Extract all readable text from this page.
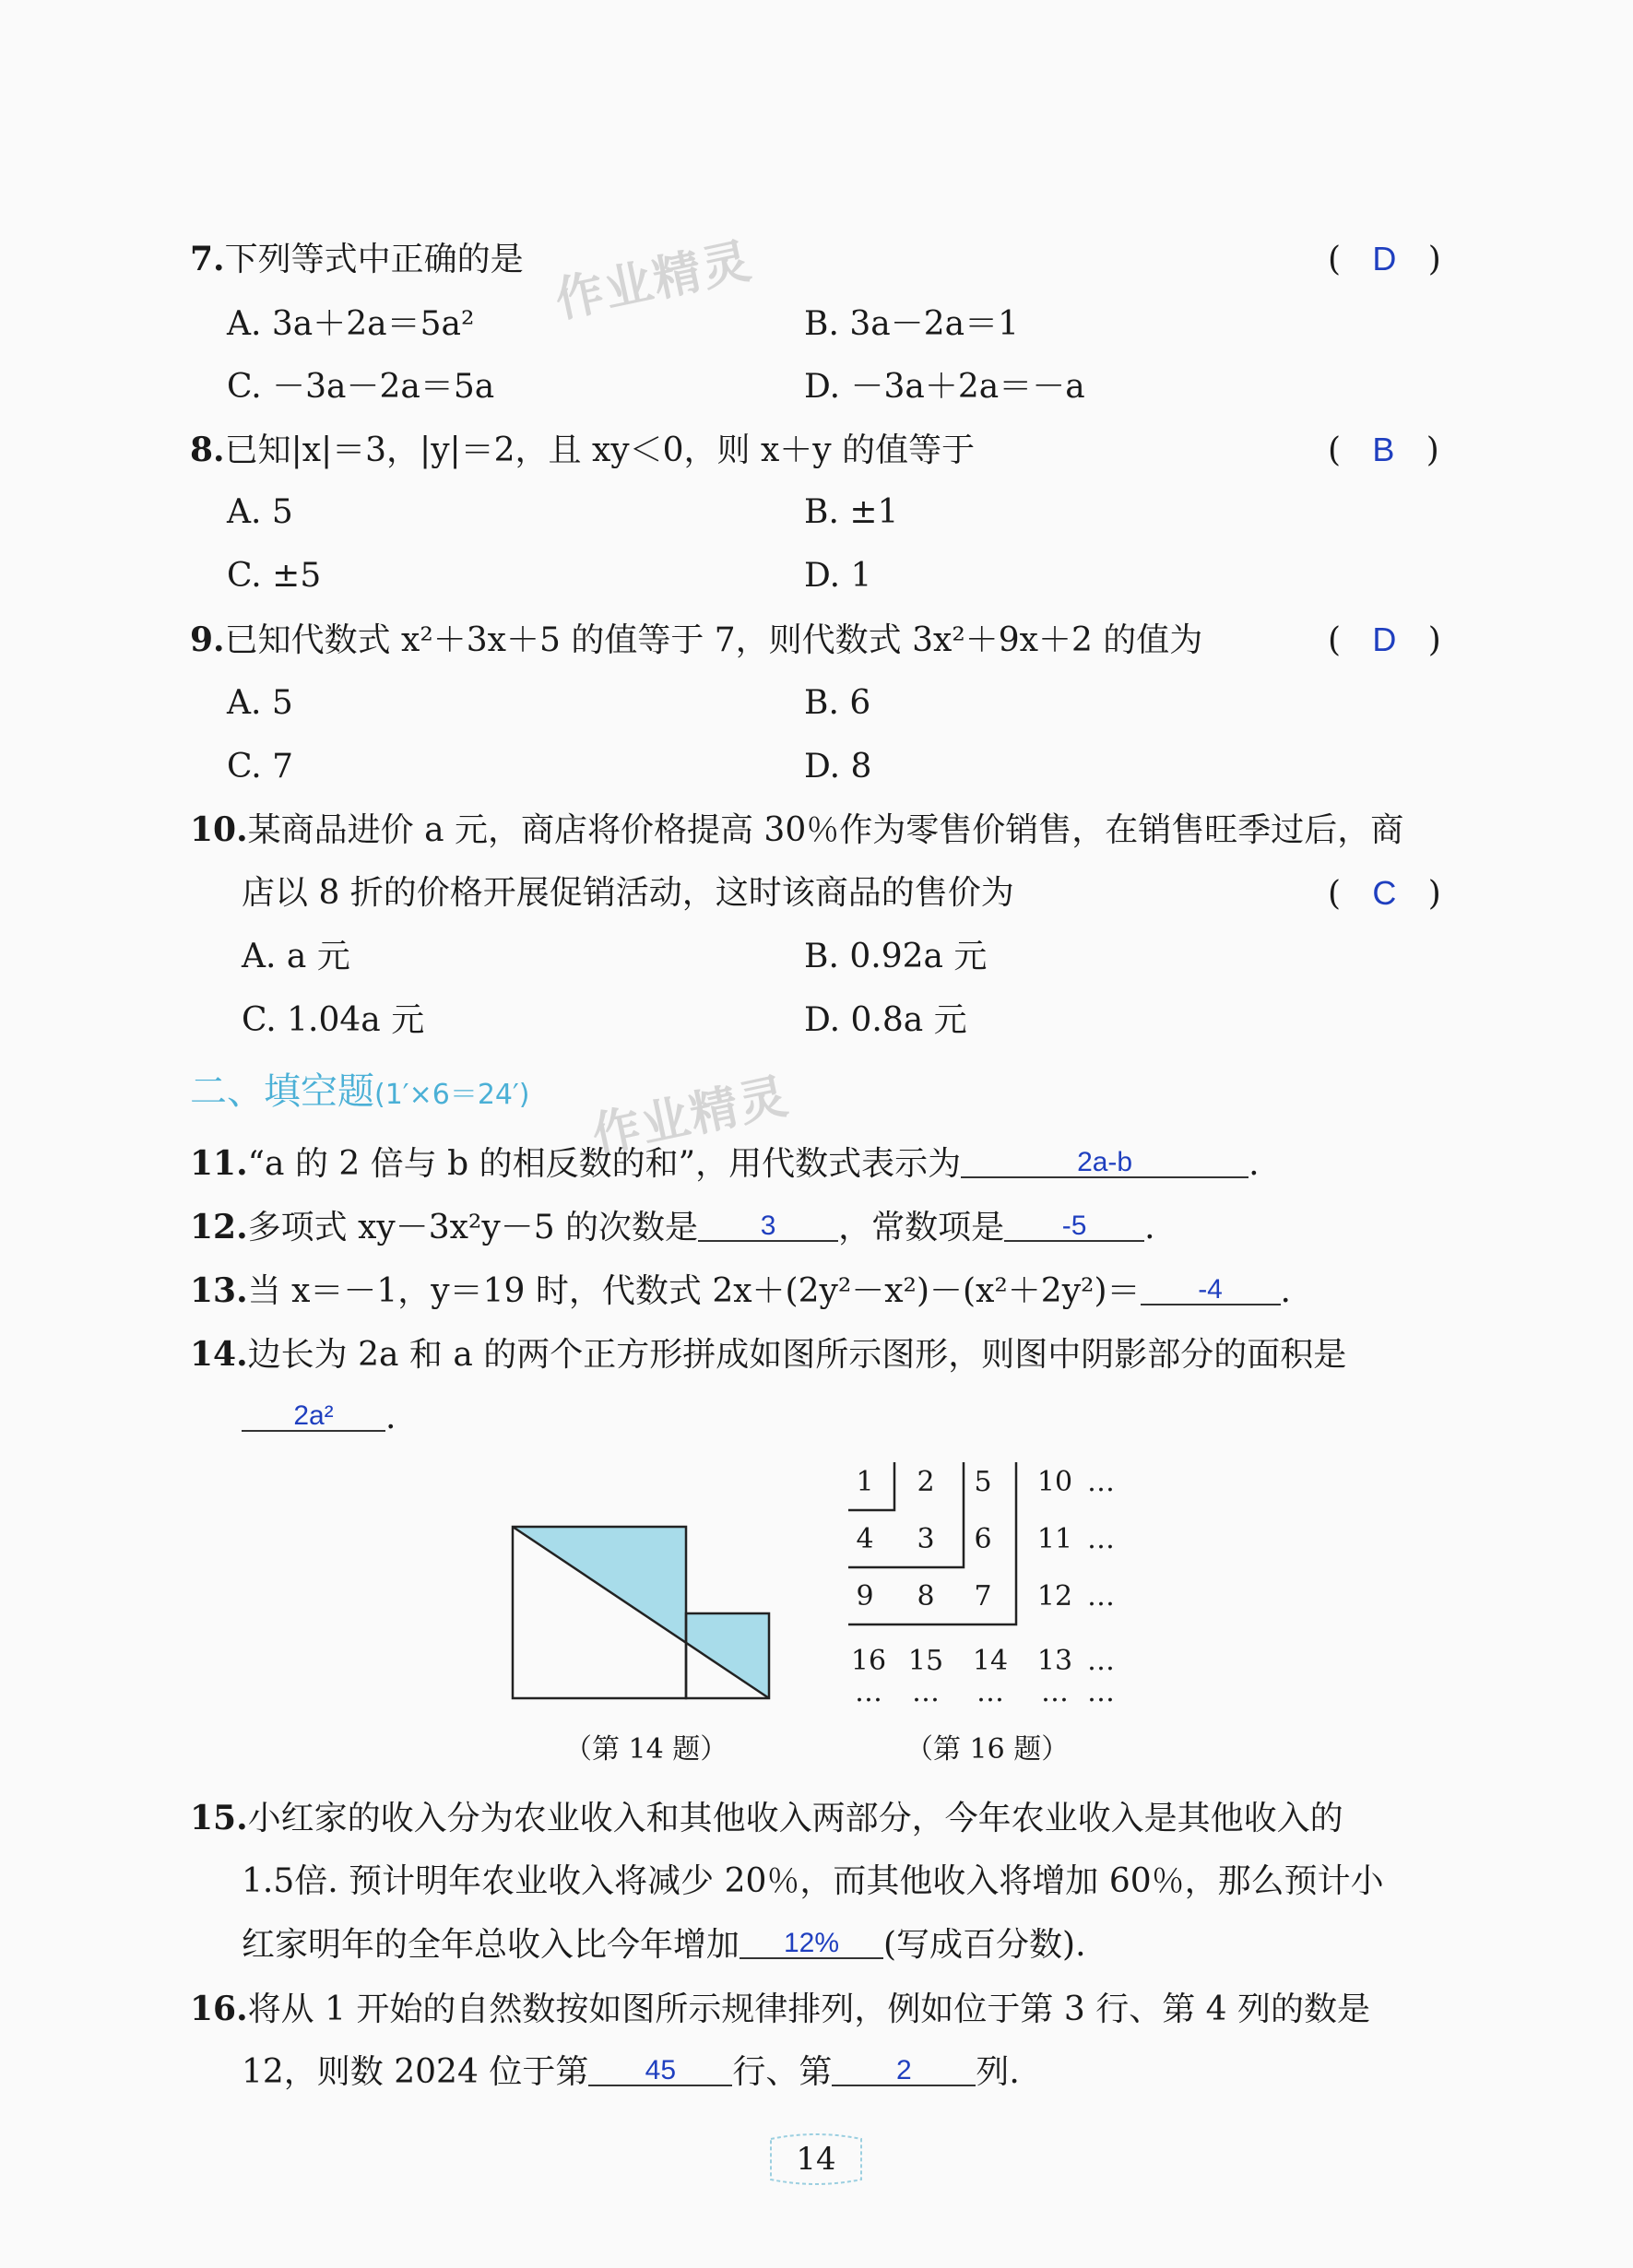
作业精灵
作业精灵
7.下列等式中正确的是	(   D   )
A. 3a＋2a＝5a²	B. 3a－2a＝1
C. －3a－2a＝5a	D. －3a＋2a＝－a
8.已知|x|＝3，|y|＝2，且 xy＜0，则 x＋y 的值等于	(   B   )
A. 5	B. ±1
C. ±5	D. 1
9.已知代数式 x²＋3x＋5 的值等于 7，则代数式 3x²＋9x＋2 的值为	(   D   )
A. 5	B. 6
C. 7	D. 8
10.某商品进价 a 元，商店将价格提高 30％作为零售价销售，在销售旺季过后，商
店以 8 折的价格开展促销活动，这时该商品的售价为	(   C   )
A. a 元	B. 0.92a 元
C. 1.04a 元	D. 0.8a 元
二、填空题(1′×6＝24′)
11.“a 的 2 倍与 b 的相反数的和”，用代数式表示为	2a-b	.
12.多项式 xy－3x²y－5 的次数是 3 ，常数项是 -5 .
13.当 x＝－1，y＝19 时，代数式 2x＋(2y²－x²)－(x²＋2y²)＝ -4 .
14.边长为 2a 和 a 的两个正方形拼成如图所示图形，则图中阴影部分的面积是
2a² .
（第 14 题）
1	2	5	10 …
4	3	6	11 …
9	8	7	12 …
16 15 14 13 …
… … … … …
（第 16 题）
15.小红家的收入分为农业收入和其他收入两部分，今年农业收入是其他收入的
1.5倍. 预计明年农业收入将减少 20％，而其他收入将增加 60％，那么预计小
红家明年的全年总收入比今年增加 12% (写成百分数).
16.将从 1 开始的自然数按如图所示规律排列，例如位于第 3 行、第 4 列的数是
12，则数 2024 位于第 45 行、第 2 列.
14
